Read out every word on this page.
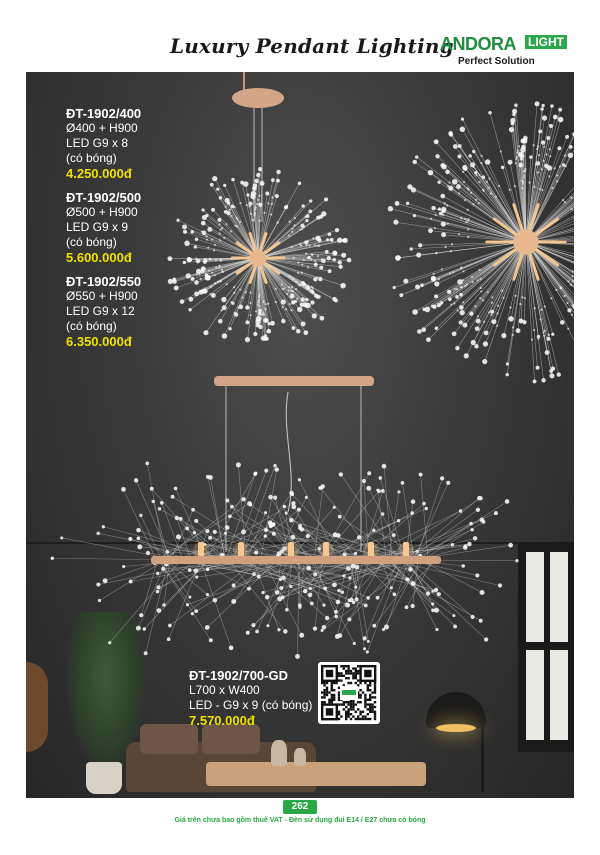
Luxury Pendant Lighting
ANDORA LIGHT
Perfect Solution
ĐT-1902/400
Ø400 + H900
LED G9 x 8
(có bóng)
4.250.000đ
ĐT-1902/500
Ø500 + H900
LED G9 x 9
(có bóng)
5.600.000đ
ĐT-1902/550
Ø550 + H900
LED G9 x 12
(có bóng)
6.350.000đ
ĐT-1902/700-GD
L700 x W400
LED - G9 x 9 (có bóng)
7.570.000đ
262
Giá trên chưa bao gồm thuế VAT - Đèn sử dụng đui E14 / E27 chưa có bóng
